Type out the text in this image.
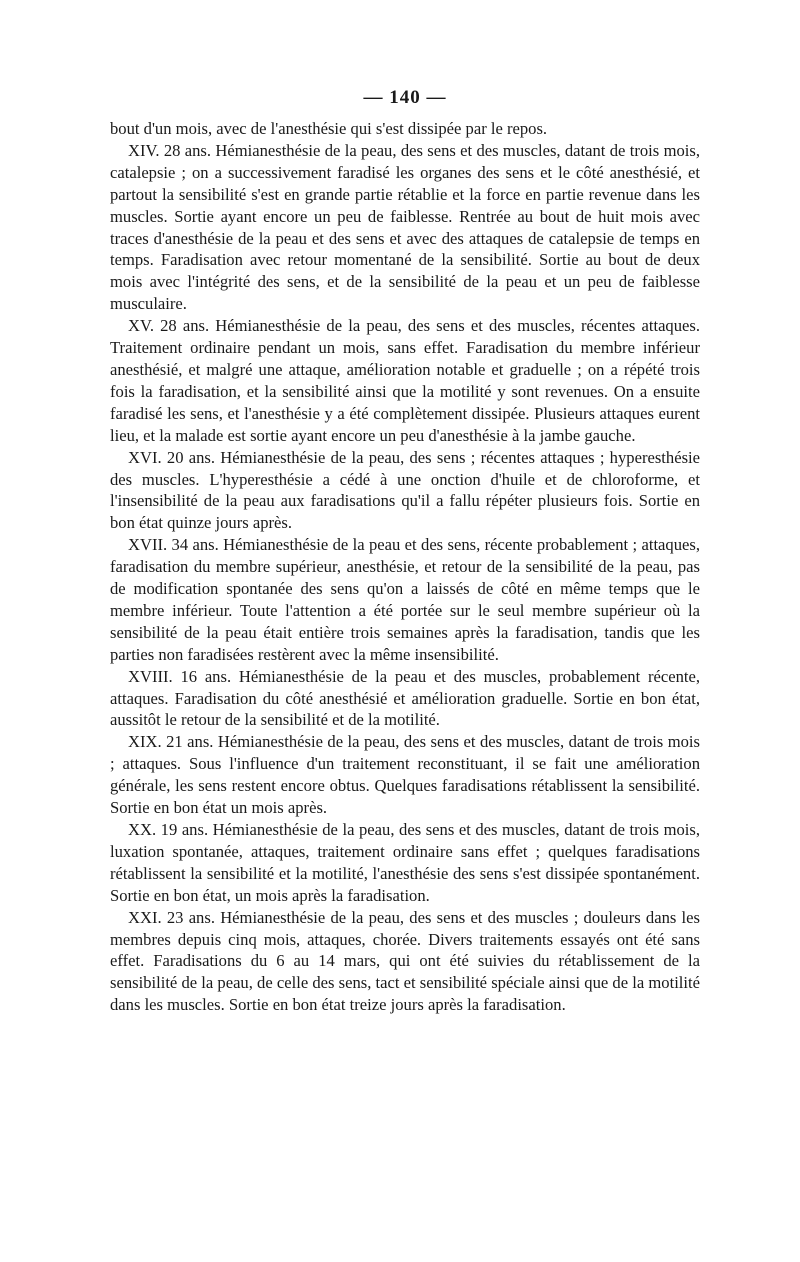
— 140 —

bout d'un mois, avec de l'anesthésie qui s'est dissipée par le repos.

XIV. 28 ans. Hémianesthésie de la peau, des sens et des muscles, datant de trois mois, catalepsie ; on a successivement faradisé les organes des sens et le côté anesthésié, et partout la sensibilité s'est en grande partie rétablie et la force en partie revenue dans les muscles. Sortie ayant encore un peu de faiblesse. Rentrée au bout de huit mois avec traces d'anesthésie de la peau et des sens et avec des attaques de catalepsie de temps en temps. Faradisation avec retour momentané de la sensibilité. Sortie au bout de deux mois avec l'intégrité des sens, et de la sensibilité de la peau et un peu de faiblesse musculaire.

XV. 28 ans. Hémianesthésie de la peau, des sens et des muscles, récentes attaques. Traitement ordinaire pendant un mois, sans effet. Faradisation du membre inférieur anesthésié, et malgré une attaque, amélioration notable et graduelle ; on a répété trois fois la faradisation, et la sensibilité ainsi que la motilité y sont revenues. On a ensuite faradisé les sens, et l'anesthésie y a été complètement dissipée. Plusieurs attaques eurent lieu, et la malade est sortie ayant encore un peu d'anesthésie à la jambe gauche.

XVI. 20 ans. Hémianesthésie de la peau, des sens ; récentes attaques ; hyperesthésie des muscles. L'hyperesthésie a cédé à une onction d'huile et de chloroforme, et l'insensibilité de la peau aux faradisations qu'il a fallu répéter plusieurs fois. Sortie en bon état quinze jours après.

XVII. 34 ans. Hémianesthésie de la peau et des sens, récente probablement ; attaques, faradisation du membre supérieur, anesthésie, et retour de la sensibilité de la peau, pas de modification spontanée des sens qu'on a laissés de côté en même temps que le membre inférieur. Toute l'attention a été portée sur le seul membre supérieur où la sensibilité de la peau était entière trois semaines après la faradisation, tandis que les parties non faradisées restèrent avec la même insensibilité.

XVIII. 16 ans. Hémianesthésie de la peau et des muscles, probablement récente, attaques. Faradisation du côté anesthésié et amélioration graduelle. Sortie en bon état, aussitôt le retour de la sensibilité et de la motilité.

XIX. 21 ans. Hémianesthésie de la peau, des sens et des muscles, datant de trois mois ; attaques. Sous l'influence d'un traitement reconstituant, il se fait une amélioration générale, les sens restent encore obtus. Quelques faradisations rétablissent la sensibilité. Sortie en bon état un mois après.

XX. 19 ans. Hémianesthésie de la peau, des sens et des muscles, datant de trois mois, luxation spontanée, attaques, traitement ordinaire sans effet ; quelques faradisations rétablissent la sensibilité et la motilité, l'anesthésie des sens s'est dissipée spontanément. Sortie en bon état, un mois après la faradisation.

XXI. 23 ans. Hémianesthésie de la peau, des sens et des muscles ; douleurs dans les membres depuis cinq mois, attaques, chorée. Divers traitements essayés ont été sans effet. Faradisations du 6 au 14 mars, qui ont été suivies du rétablissement de la sensibilité de la peau, de celle des sens, tact et sensibilité spéciale ainsi que de la motilité dans les muscles. Sortie en bon état treize jours après la faradisation.
